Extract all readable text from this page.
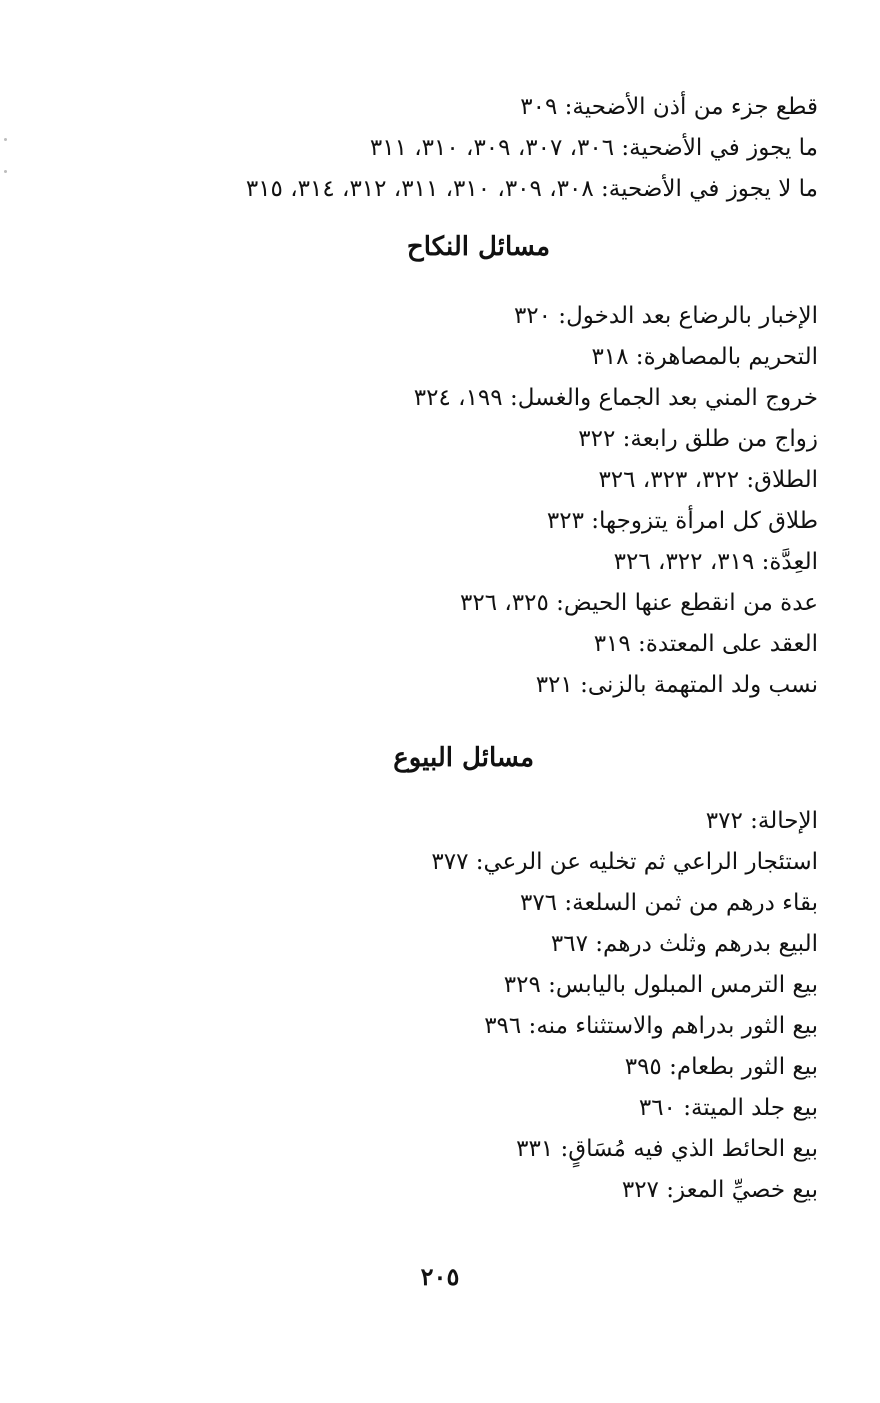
قطع جزء من أذن الأضحية: ٣٠٩
ما يجوز في الأضحية: ٣٠٦، ٣٠٧، ٣٠٩، ٣١٠، ٣١١
ما لا يجوز في الأضحية: ٣٠٨، ٣٠٩، ٣١٠، ٣١١، ٣١٢، ٣١٤، ٣١٥
مسائل النكاح
الإخبار بالرضاع بعد الدخول: ٣٢٠
التحريم بالمصاهرة: ٣١٨
خروج المني بعد الجماع والغسل: ١٩٩، ٣٢٤
زواج من طلق رابعة: ٣٢٢
الطلاق: ٣٢٢، ٣٢٣، ٣٢٦
طلاق كل امرأة يتزوجها: ٣٢٣
العِدَّة: ٣١٩، ٣٢٢، ٣٢٦
عدة من انقطع عنها الحيض: ٣٢٥، ٣٢٦
العقد على المعتدة: ٣١٩
نسب ولد المتهمة بالزنى: ٣٢١
مسائل البيوع
الإحالة: ٣٧٢
استئجار الراعي ثم تخليه عن الرعي: ٣٧٧
بقاء درهم من ثمن السلعة: ٣٧٦
البيع بدرهم وثلث درهم: ٣٦٧
بيع الترمس المبلول باليابس: ٣٢٩
بيع الثور بدراهم والاستثناء منه: ٣٩٦
بيع الثور بطعام: ٣٩٥
بيع جلد الميتة: ٣٦٠
بيع الحائط الذي فيه مُسَاقٍ: ٣٣١
بيع خصيِّ المعز: ٣٢٧
٢٠٥
